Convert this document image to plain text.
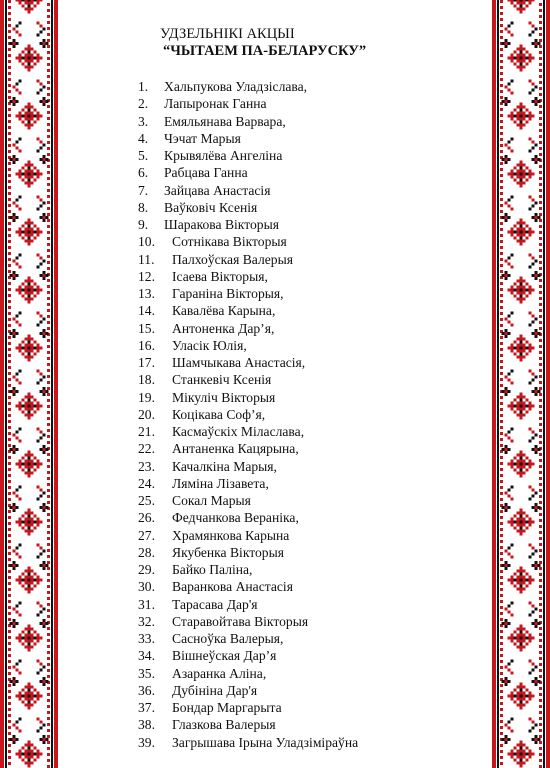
УДЗЕЛЬНІКІ АКЦЫІ
“ЧЫТАЕМ ПА-БЕЛАРУСКУ”
1.	Хальпукова Уладзіслава,
2.	Лапыронак Ганна
3.	Емяльянава Варвара,
4.	Чэчат Марыя
5.	Крывялёва Ангеліна
6.	Рабцава Ганна
7.	Зайцава Анастасія
8.	Ваўковіч Ксенія
9.	Шаракова Вікторыя
10.	Сотнікава Вікторыя
11.	Палхоўская Валерыя
12.	Ісаева Вікторыя,
13.	Гараніна Вікторыя,
14.	Кавалёва Карына,
15.	Антоненка Дар’я,
16.	Уласік Юлія,
17.	Шамчыкава Анастасія,
18.	Станкевіч Ксенія
19.	Мікуліч Вікторыя
20.	Коцікава Соф’я,
21.	Касмаўскіх Міласлава,
22.	Антаненка Кацярына,
23.	Качалкіна Марыя,
24.	Ляміна Лізавета,
25.	Сокал Марыя
26.	Федчанкова Вераніка,
27.	Храмянкова Карына
28.	Якубенка Вікторыя
29.	Байко Паліна,
30.	Варанкова Анастасія
31.	Тарасава Дар'я
32.	Старавойтава Вікторыя
33.	Сасноўка Валерыя,
34.	Вішнеўская Дар’я
35.	Азаранка Аліна,
36.	Дубініна Дар'я
37.	Бондар Маргарыта
38.	Глазкова Валерыя
39.	Загрышава Ірына Уладзіміраўна
